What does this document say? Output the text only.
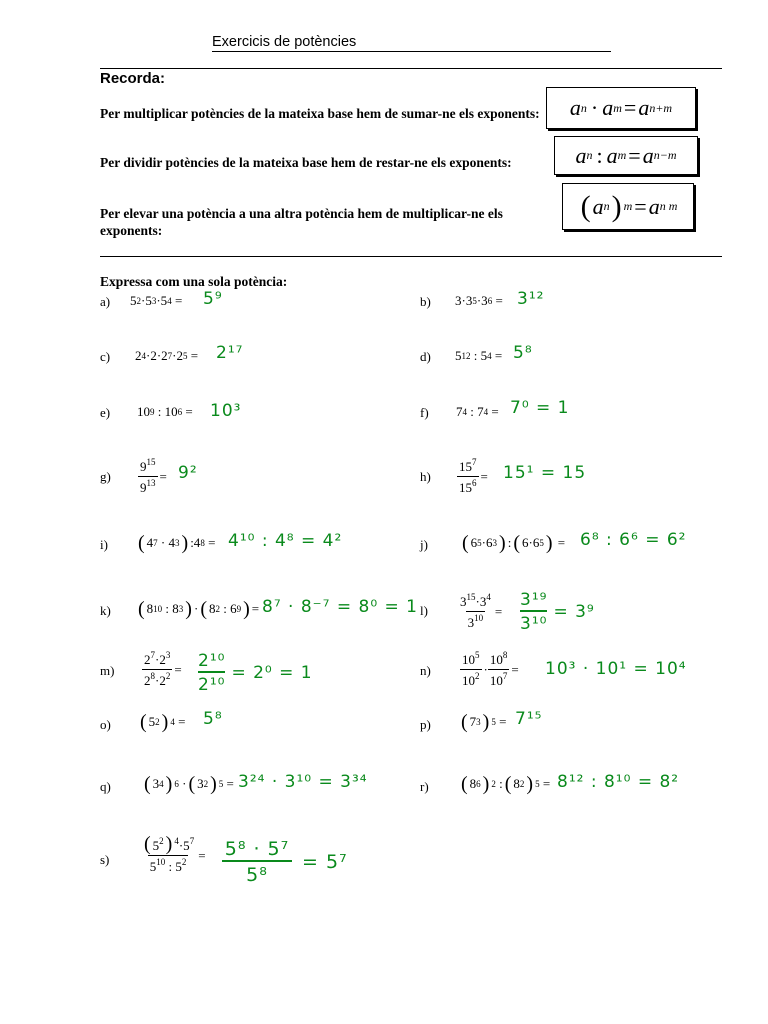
Exercicis de potències
Recorda:
Per multiplicar potències de la mateixa base hem de sumar-ne els exponents:
Per dividir potències de la mateixa base hem de restar-ne els exponents:
Per elevar una potència a una altra potència hem de multiplicar-ne els exponents:
a n · a m = a n+m
a n : a m = a n−m
( a n ) m = a n m
Expressa com una sola potència:
a) 5 2 ·5 3 ·5 4 = 5⁹	b) 3·3 5 ·3 6 = 3¹²
c) 2 4 ·2·2 7 ·2 5 = 2¹⁷	d) 5 12 : 5 4 = 5⁸
e) 10 9 : 10 6 = 10³	f) 7 4 : 7 4 = 7⁰ = 1
$g) \frac{9^{15}}{9^{13}} = 9^2$	$h) \frac{15^7}{15^6} = 15^1 = 15$
i) ( 4 7 · 4 3 ) :4 8 = 4¹⁰ : 4⁸ = 4²	j) ( 6 5 ·6 3 ) : ( 6·6 5 ) = 6⁸ : 6⁶ = 6²
k) ( 8 10 : 8 3 ) · ( 8 2 : 6 9 ) = 8⁷ · 8⁻⁷ = 8⁰ = 1 $l) \frac{3^{15}\cdot 3^4}{3^{10}} = \frac{\text{3¹⁹}}{\text{3¹⁰}} = 3^9$
$m) \frac{2^7\cdot 2^3}{2^8\cdot 2^2} = \frac{\text{2¹⁰}}{\text{2¹⁰}} = 2^0 = 1$	$n) \frac{10^5}{10^2} \cdot \frac{10^8}{10^7} = 10^3 \cdot 10^1 = 10^4$
o) ( 5 2 ) 4 = 5⁸	p) ( 7 3 ) 5 = 7¹⁵
q) ( 3 4 ) 6 · ( 3 2 ) 5 = 3²⁴ · 3¹⁰ = 3³⁴	r) ( 8 6 ) 2 : ( 8 2 ) 5 = 8¹² : 8¹⁰ = 8²
$s) \frac{( 5^2 ) ^4\cdot 5^7}{5^{10} : 5^2} = \frac{\text{5⁸ · 5⁷}}{\text{5⁸}} = 5^7$
